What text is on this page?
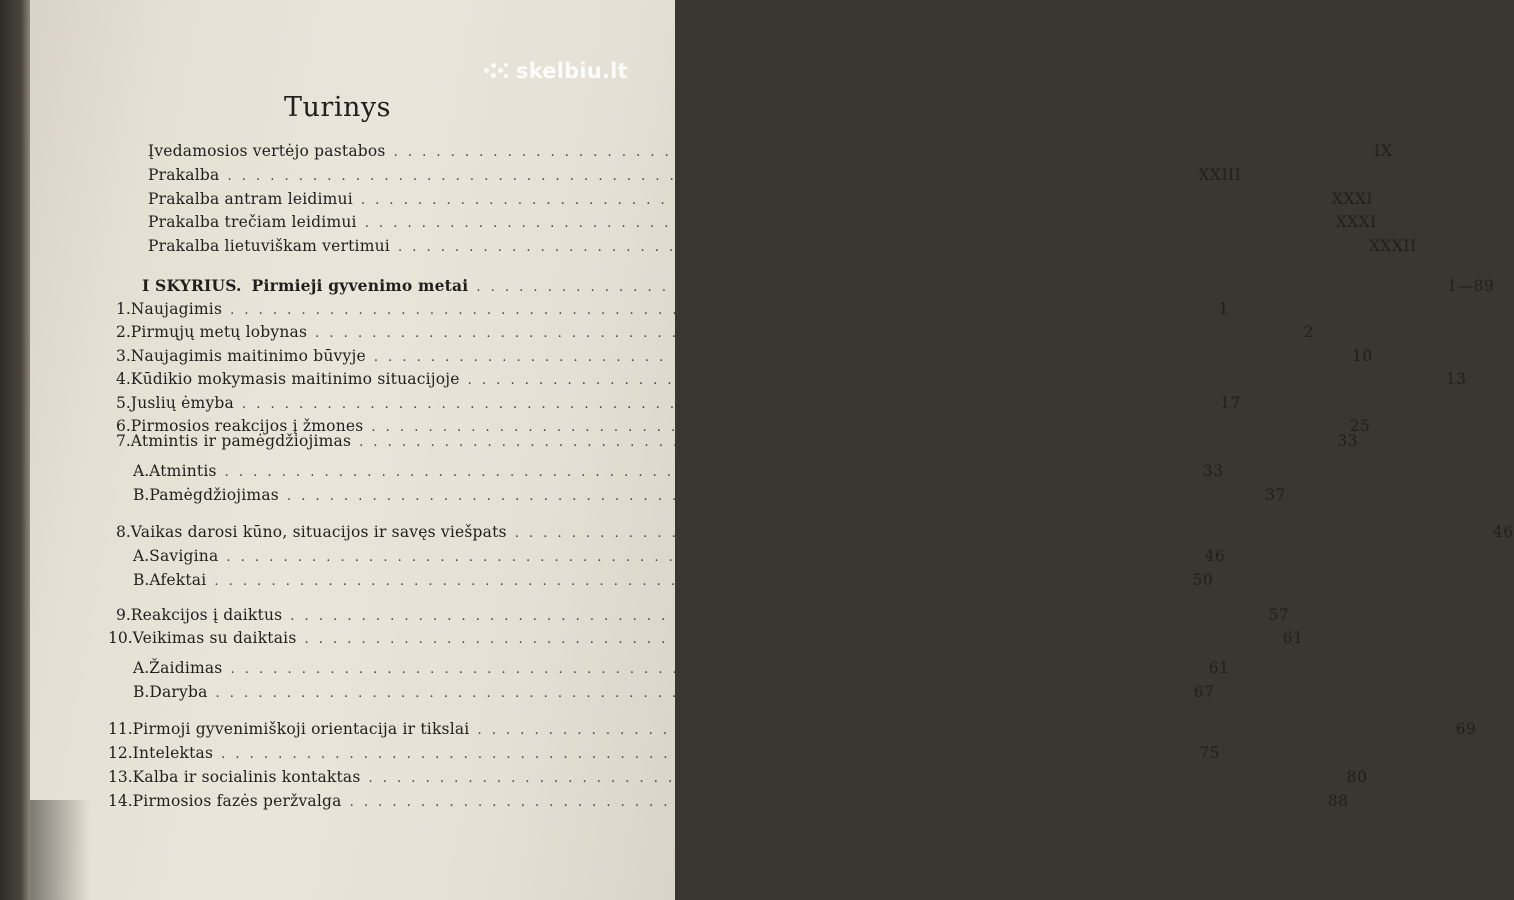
skelbiu.lt
Turinys
Įvedamosios vertėjo pastabos . . . . . . . . . . . . . . . . . . . . . . . . . . . . . . . . . . . . . . . . . . . . . . . . . . . . . . . . . . . . . . . . . . . .	IX
Prakalba . . . . . . . . . . . . . . . . . . . . . . . . . . . . . . . . . . . . . . . . . . . . . . . . . . . . . . . . . . . . . . . . . . . . XXIII
Prakalba antram leidimui . . . . . . . . . . . . . . . . . . . . . . . . . . . . . . . . . . . . . . . . . . . . . . . . . . . . . . . . . . . . . . . . . . . . XXXI
Prakalba trečiam leidimui . . . . . . . . . . . . . . . . . . . . . . . . . . . . . . . . . . . . . . . . . . . . . . . . . . . . . . . . . . . . . . . . . . . . XXXI
Prakalba lietuviškam vertimui . . . . . . . . . . . . . . . . . . . . . . . . . . . . . . . . . . . . . . . . . . . . . . . . . . . . . . . . . . . . . . . . . . . . XXXII
I SKYRIUS. Pirmieji gyvenimo metai . . . . . . . . . . . . . . . . . . . . . . . . . . . . . . . . . . . . . . . . . . . . . . . . . . . . . . . . . . . . . . . . . . . . 1—89
1. Naujagimis . . . . . . . . . . . . . . . . . . . . . . . . . . . . . . . . . . . . . . . . . . . . . . . . . . . . . . . . . . . . . . . . . . . .	1
2. Pirmųjų metų lobynas . . . . . . . . . . . . . . . . . . . . . . . . . . . . . . . . . . . . . . . . . . . . . . . . . . . . . . . . . . . . . . . . . . . .	2
3. Naujagimis maitinimo būvyje . . . . . . . . . . . . . . . . . . . . . . . . . . . . . . . . . . . . . . . . . . . . . . . . . . . . . . . . . . . . . . . . . . . . 10
4. Kūdikio mokymasis maitinimo situacijoje . . . . . . . . . . . . . . . . . . . . . . . . . . . . . . . . . . . . . . . . . . . . . . . . . . . . . . . . . . . . . . . . . . . . 13
5. Juslių ėmyba . . . . . . . . . . . . . . . . . . . . . . . . . . . . . . . . . . . . . . . . . . . . . . . . . . . . . . . . . . . . . . . . . . . . 17
6. Pirmosios reakcijos į žmones . . . . . . . . . . . . . . . . . . . . . . . . . . . . . . . . . . . . . . . . . . . . . . . . . . . . . . . . . . . . . . . . . . . . 25
7. Atmintis ir pamėgdžiojimas . . . . . . . . . . . . . . . . . . . . . . . . . . . . . . . . . . . . . . . . . . . . . . . . . . . . . . . . . . . . . . . . . . . . 33
A. Atmintis . . . . . . . . . . . . . . . . . . . . . . . . . . . . . . . . . . . . . . . . . . . . . . . . . . . . . . . . . . . . . . . . . . . . 33
B. Pamėgdžiojimas . . . . . . . . . . . . . . . . . . . . . . . . . . . . . . . . . . . . . . . . . . . . . . . . . . . . . . . . . . . . . . . . . . . . 37
8. Vaikas darosi kūno, situacijos ir savęs viešpats . . . . . . . . . . . . . . . . . . . . . . . . . . . . . . . . . . . . . . . . . . . . . . . . . . . . . . . . . . . . . . . . . . . . 46
A. Savigina . . . . . . . . . . . . . . . . . . . . . . . . . . . . . . . . . . . . . . . . . . . . . . . . . . . . . . . . . . . . . . . . . . . . 46
B. Afektai . . . . . . . . . . . . . . . . . . . . . . . . . . . . . . . . . . . . . . . . . . . . . . . . . . . . . . . . . . . . . . . . . . . . 50
9. Reakcijos į daiktus . . . . . . . . . . . . . . . . . . . . . . . . . . . . . . . . . . . . . . . . . . . . . . . . . . . . . . . . . . . . . . . . . . . . 57
10. Veikimas su daiktais . . . . . . . . . . . . . . . . . . . . . . . . . . . . . . . . . . . . . . . . . . . . . . . . . . . . . . . . . . . . . . . . . . . . 61
A. Žaidimas . . . . . . . . . . . . . . . . . . . . . . . . . . . . . . . . . . . . . . . . . . . . . . . . . . . . . . . . . . . . . . . . . . . . 61
B. Daryba . . . . . . . . . . . . . . . . . . . . . . . . . . . . . . . . . . . . . . . . . . . . . . . . . . . . . . . . . . . . . . . . . . . . 67
11. Pirmoji gyvenimiškoji orientacija ir tikslai . . . . . . . . . . . . . . . . . . . . . . . . . . . . . . . . . . . . . . . . . . . . . . . . . . . . . . . . . . . . . . . . . . . . 69
12. Intelektas . . . . . . . . . . . . . . . . . . . . . . . . . . . . . . . . . . . . . . . . . . . . . . . . . . . . . . . . . . . . . . . . . . . . 75
13. Kalba ir socialinis kontaktas . . . . . . . . . . . . . . . . . . . . . . . . . . . . . . . . . . . . . . . . . . . . . . . . . . . . . . . . . . . . . . . . . . . . 80
14. Pirmosios fazės peržvalga . . . . . . . . . . . . . . . . . . . . . . . . . . . . . . . . . . . . . . . . . . . . . . . . . . . . . . . . . . . . . . . . . . . . 88
